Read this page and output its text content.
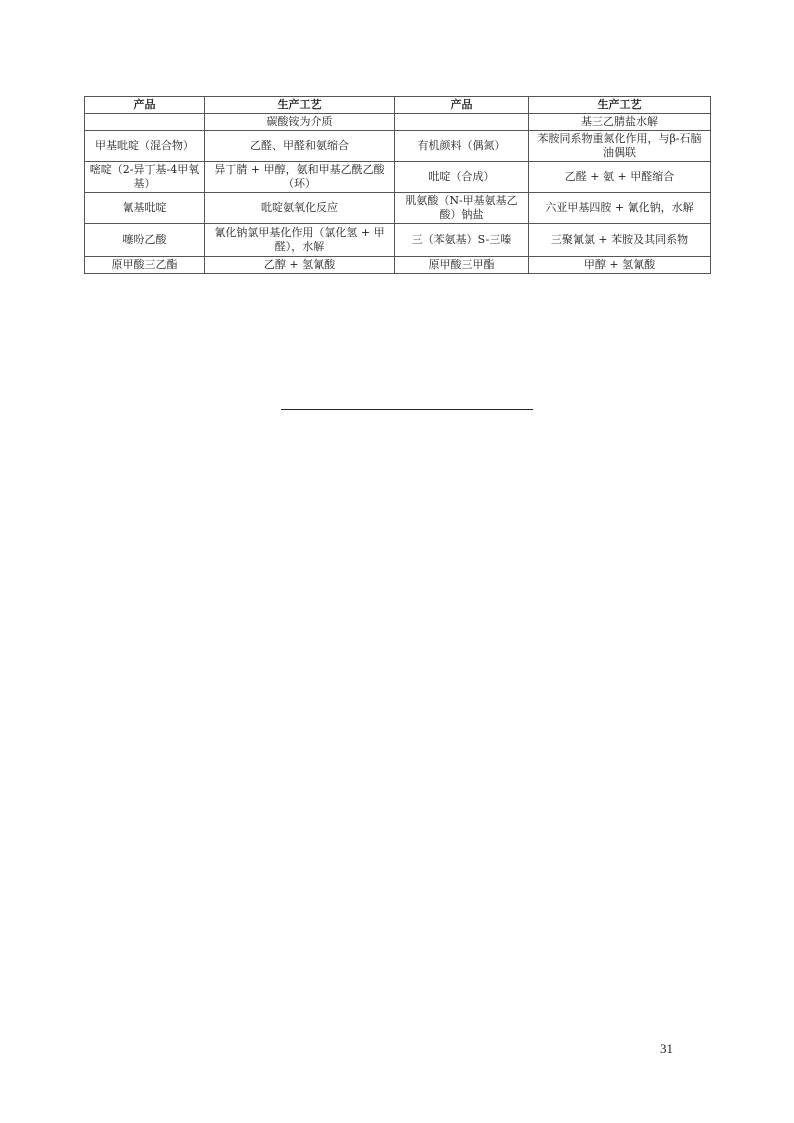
产品	生产工艺	产品	生产工艺
	碳酸铵为介质		基三乙腈盐水解
甲基吡啶（混合物）	乙醛、甲醛和氨缩合	有机颜料（偶氮）	苯胺同系物重氮化作用，与β-石脑油偶联
嘧啶（2-异丁基-4甲氧基）	异丁腈 + 甲醇，氨和甲基乙酰乙酸（环）	吡啶（合成）	乙醛 + 氨 + 甲醛缩合
氰基吡啶	吡啶氨氧化反应	肌氨酸（N-甲基氨基乙酸）钠盐	六亚甲基四胺 + 氰化钠，水解
噻吩乙酸	氰化钠氯甲基化作用（氯化氢 + 甲醛），水解	三（苯氨基）S-三嗪	三聚氰氯 + 苯胺及其同系物
原甲酸三乙酯	乙醇 + 氢氰酸	原甲酸三甲酯	甲醇 + 氢氰酸
31
